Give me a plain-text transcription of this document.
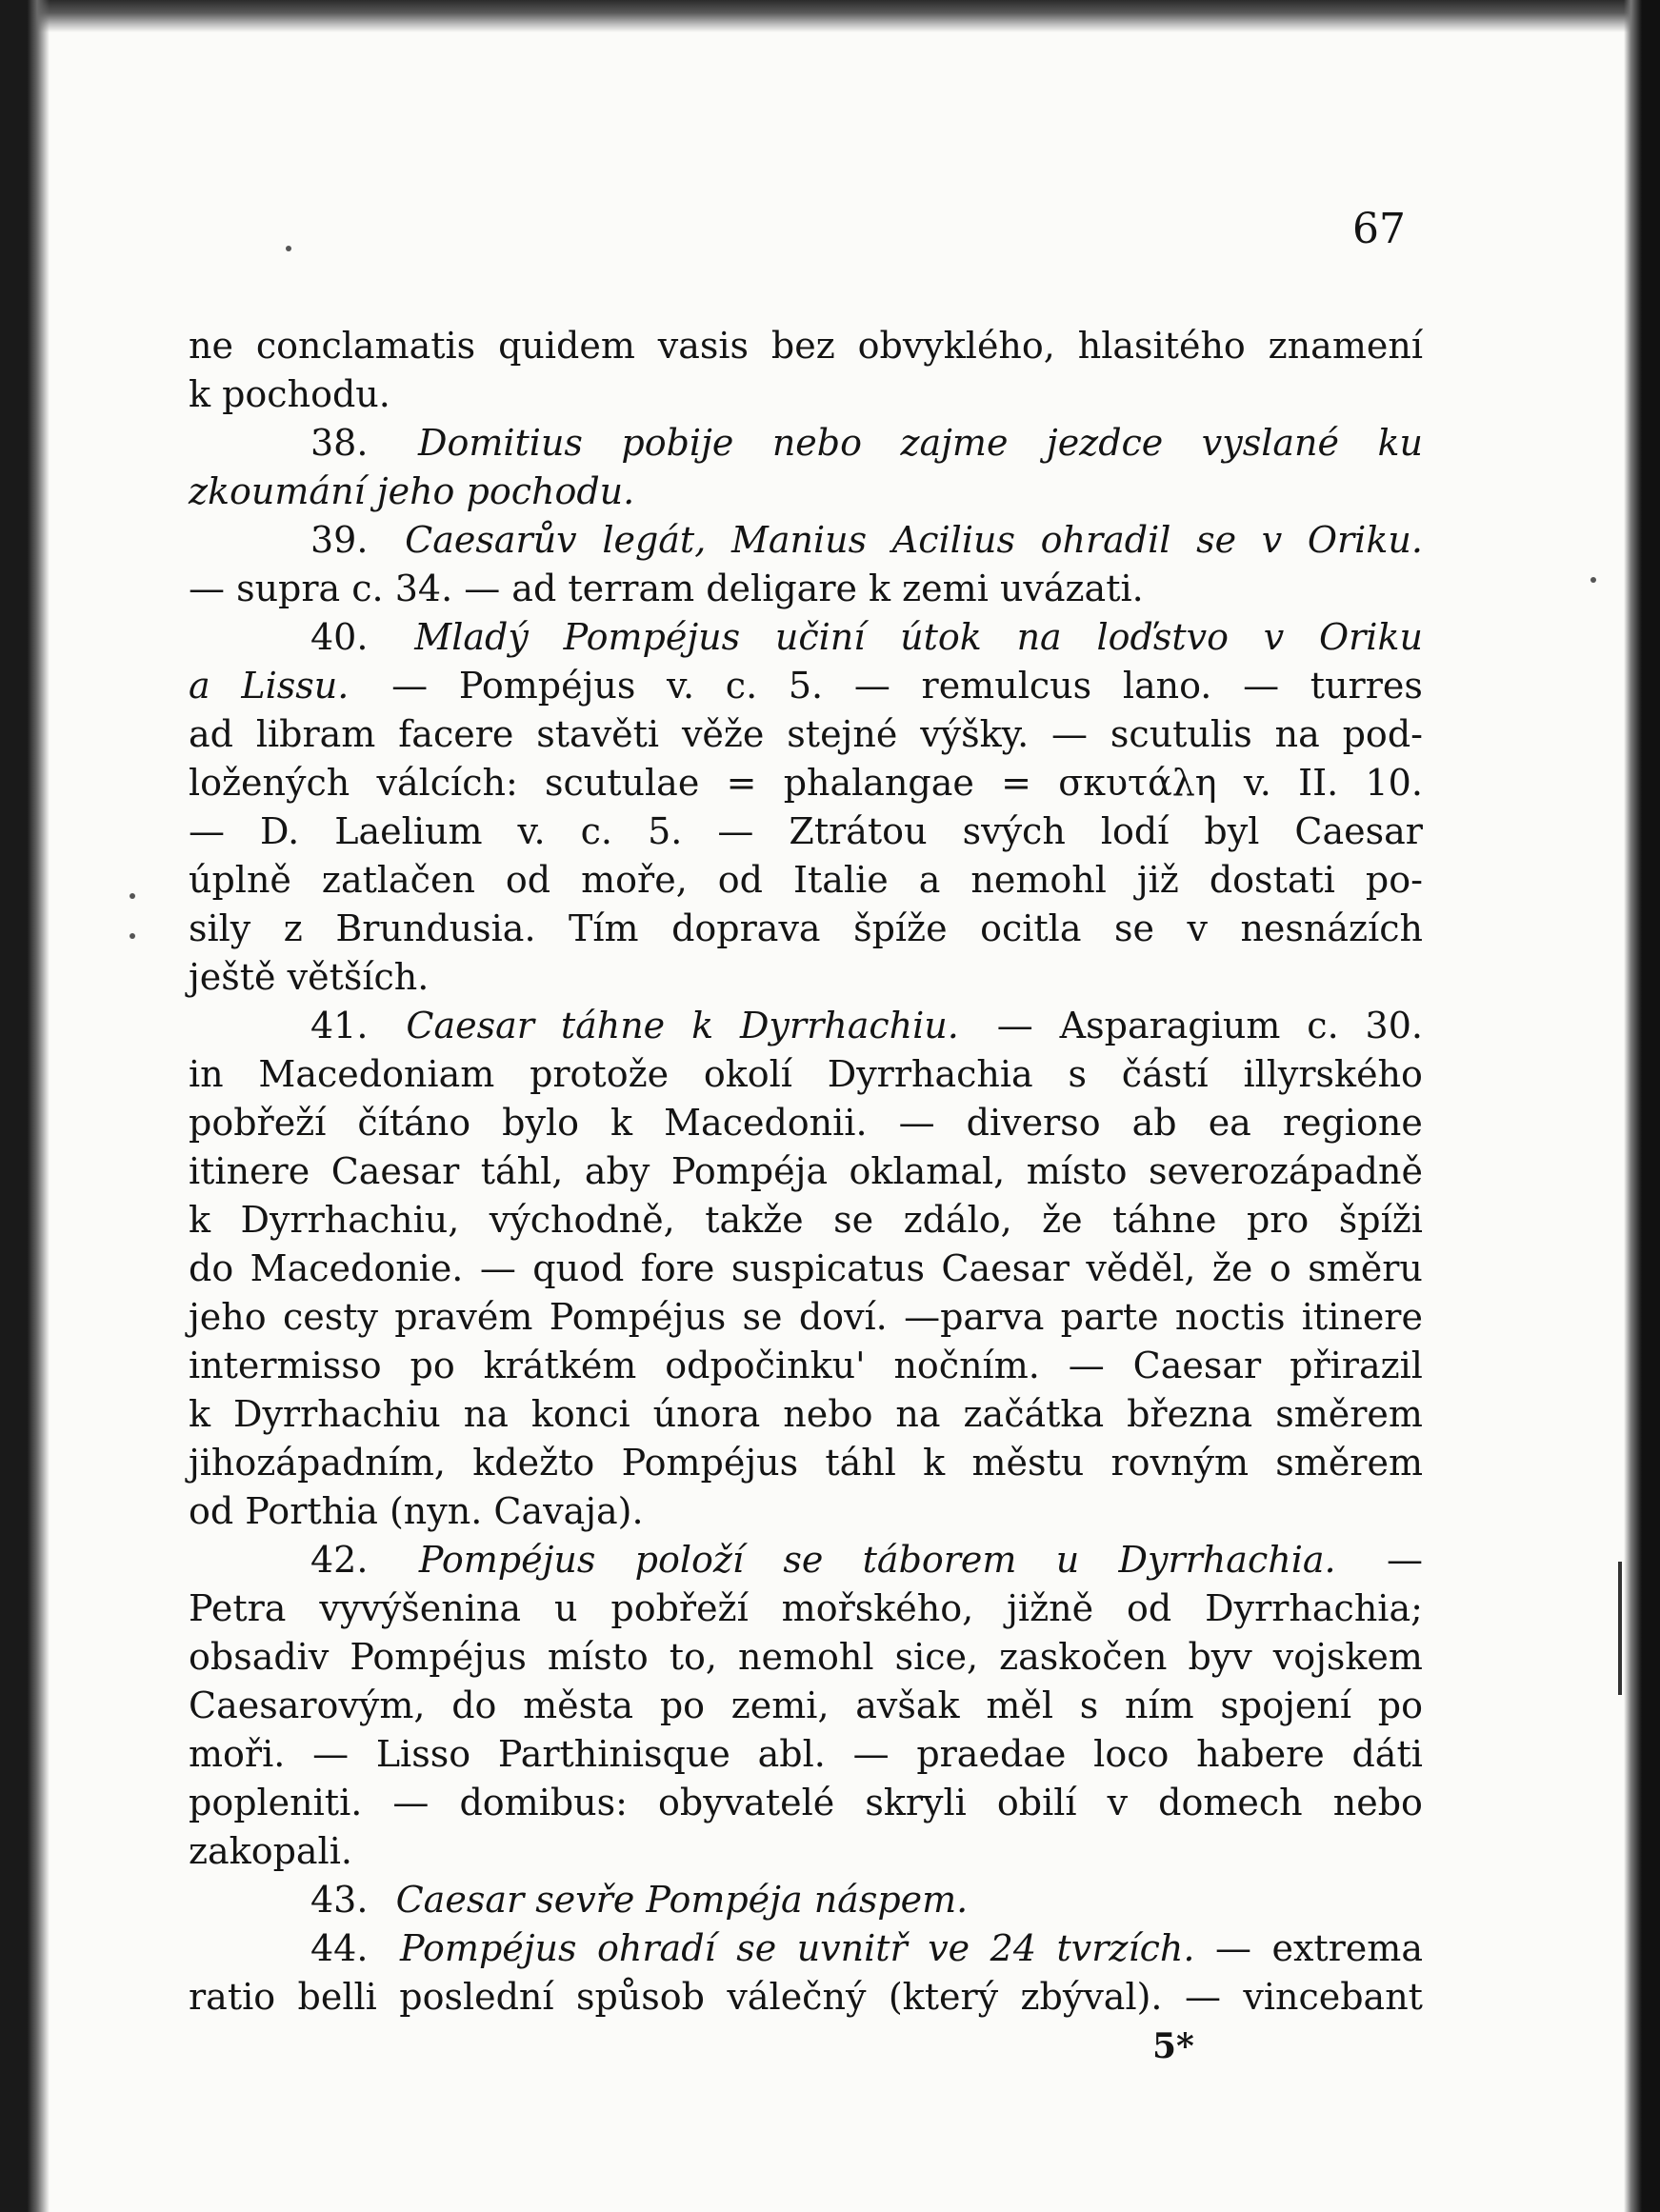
67
ne conclamatis quidem vasis bez obvyklého, hlasitého znamení
k pochodu.
38. Domitius pobije nebo zajme jezdce vyslané ku
zkoumání jeho pochodu.
39. Caesarův legát, Manius Acilius ohradil se v Oriku.
— supra c. 34. — ad terram deligare k zemi uvázati.
40. Mladý Pompéjus učiní útok na loďstvo v Oriku
a Lissu. — Pompéjus v. c. 5. — remulcus lano. — turres
ad libram facere stavěti věže stejné výšky. — scutulis na pod-
ložených válcích: scutulae = phalangae = σκυτάλη v. II. 10.
— D. Laelium v. c. 5. — Ztrátou svých lodí byl Caesar
úplně zatlačen od moře, od Italie a nemohl již dostati po-
sily z Brundusia. Tím doprava špíže ocitla se v nesnázích
ještě větších.
41. Caesar táhne k Dyrrhachiu. — Asparagium c. 30.
in Macedoniam protože okolí Dyrrhachia s částí illyrského
pobřeží čítáno bylo k Macedonii. — diverso ab ea regione
itinere Caesar táhl, aby Pompéja oklamal, místo severozápadně
k Dyrrhachiu, východně, takže se zdálo, že táhne pro špíži
do Macedonie. — quod fore suspicatus Caesar věděl, že o směru
jeho cesty pravém Pompéjus se doví. —parva parte noctis itinere
intermisso po krátkém odpočinku' nočním. — Caesar přirazil
k Dyrrhachiu na konci února nebo na začátka března směrem
jihozápadním, kdežto Pompéjus táhl k městu rovným směrem
od Porthia (nyn. Cavaja).
42. Pompéjus položí se táborem u Dyrrhachia. —
Petra vyvýšenina u pobřeží mořského, jižně od Dyrrhachia;
obsadiv Pompéjus místo to, nemohl sice, zaskočen byv vojskem
Caesarovým, do města po zemi, avšak měl s ním spojení po
moři. — Lisso Parthinisque abl. — praedae loco habere dáti
popleniti. — domibus: obyvatelé skryli obilí v domech nebo
zakopali.
43. Caesar sevře Pompéja náspem.
44. Pompéjus ohradí se uvnitř ve 24 tvrzích. — extrema
ratio belli poslední spůsob válečný (který zbýval). — vincebant
5*
